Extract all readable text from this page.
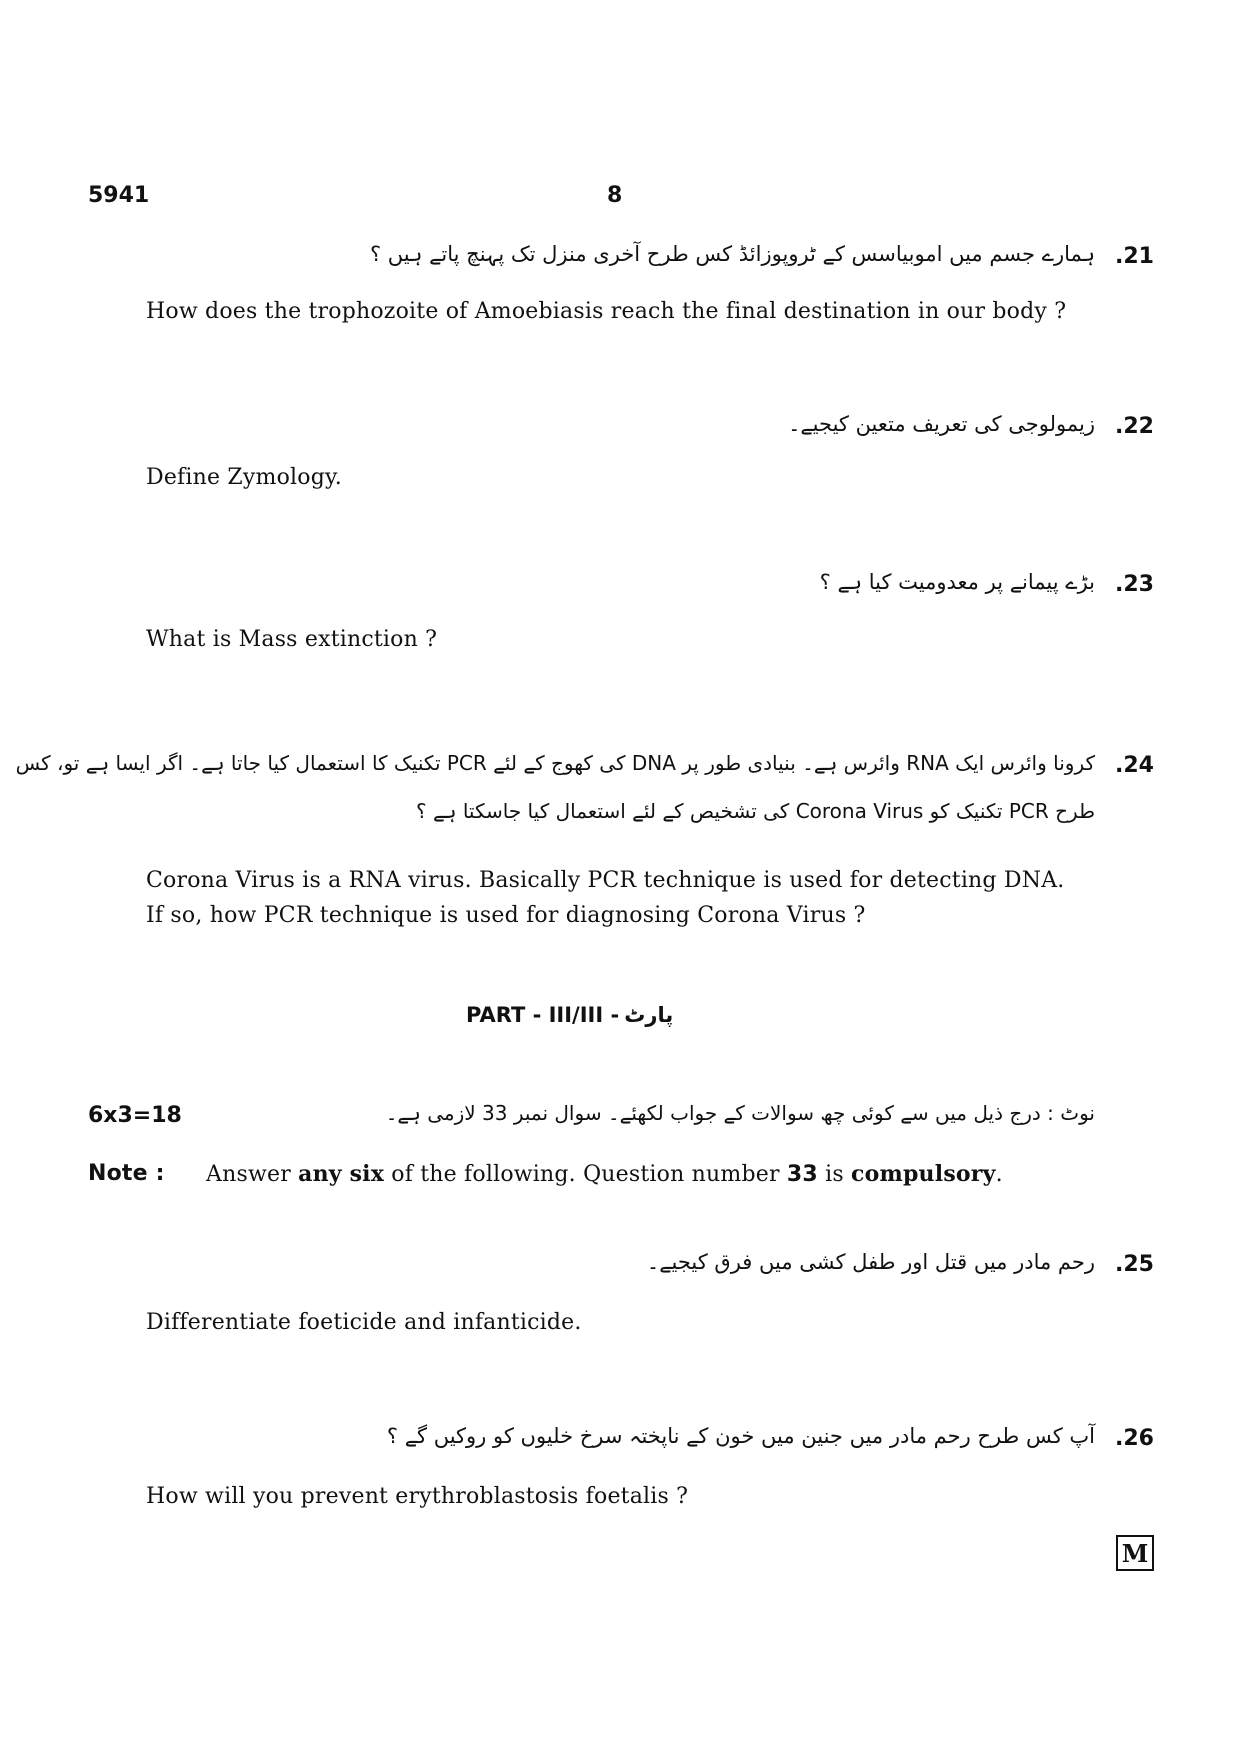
5941	8
.21
ہمارے جسم میں اموبیاسس کے ٹروپوزائڈ کس طرح آخری منزل تک پہنچ پاتے ہیں ؟
How does the trophozoite of Amoebiasis reach the final destination in our body ?
.22
زیمولوجی کی تعریف متعین کیجیے۔
Define Zymology.
.23
بڑے پیمانے پر معدومیت کیا ہے ؟
What is Mass extinction ?
.24
کرونا وائرس ایک RNA وائرس ہے۔ بنیادی طور پر DNA کی کھوج کے لئے PCR تکنیک کا استعمال کیا جاتا ہے۔ اگر ایسا ہے تو، کس
طرح PCR تکنیک کو Corona Virus کی تشخیص کے لئے استعمال کیا جاسکتا ہے ؟
Corona Virus is a RNA virus. Basically PCR technique is used for detecting DNA.
If so, how PCR technique is used for diagnosing Corona Virus ?
PART - III/III - پارٹ
6x3=18	نوٹ : درج ذیل میں سے کوئی چھ سوالات کے جواب لکھئے۔ سوال نمبر 33 لازمی ہے۔
Note : Answer any six of the following. Question number 33 is compulsory.
.25
رحم مادر میں قتل اور طفل کشی میں فرق کیجیے۔
Differentiate foeticide and infanticide.
.26
آپ کس طرح رحم مادر میں جنین میں خون کے ناپختہ سرخ خلیوں کو روکیں گے ؟
How will you prevent erythroblastosis foetalis ?
M
